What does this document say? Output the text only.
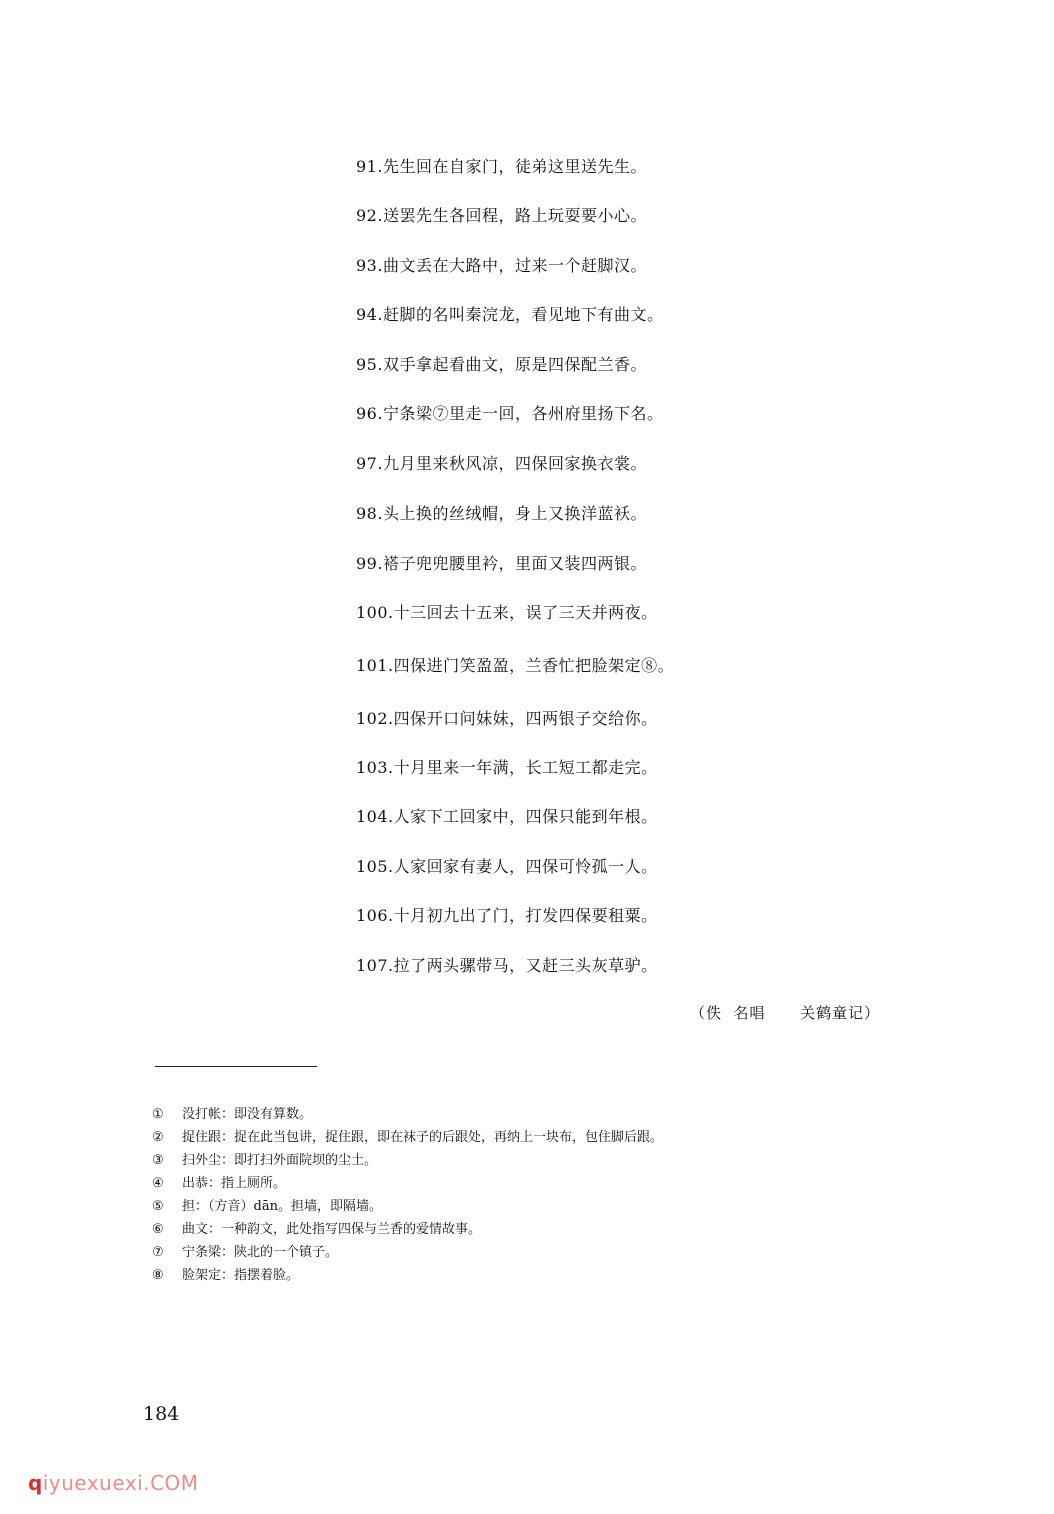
91.先生回在自家门，徒弟这里送先生。
92.送罢先生各回程，路上玩耍要小心。
93.曲文丢在大路中，过来一个赶脚汉。
94.赶脚的名叫秦浣龙，看见地下有曲文。
95.双手拿起看曲文，原是四保配兰香。
96.宁条梁⑦里走一回，各州府里扬下名。
97.九月里来秋风凉，四保回家换衣裳。
98.头上换的丝绒帽，身上又换洋蓝袄。
99.褡子兜兜腰里衿，里面又装四两银。
100.十三回去十五来，误了三天并两夜。
101.四保进门笑盈盈，兰香忙把脸架定⑧。
102.四保开口问妹妹，四两银子交给你。
103.十月里来一年满，长工短工都走完。
104.人家下工回家中，四保只能到年根。
105.人家回家有妻人，四保可怜孤一人。
106.十月初九出了门，打发四保要租粟。
107.拉了两头骡带马，又赶三头灰草驴。
（佚  名唱      关鹤童记）
① 没打帐：即没有算数。
② 捉住跟：捉在此当包讲，捉住跟，即在袜子的后跟处，再纳上一块布，包住脚后跟。
③ 扫外尘：即打扫外面院坝的尘土。
④ 出恭：指上厕所。
⑤ 担：（方音）dān。担墙，即隔墙。
⑥ 曲文：一种韵文，此处指写四保与兰香的爱情故事。
⑦ 宁条梁：陕北的一个镇子。
⑧ 脸架定：指摆着脸。
184
qiyuexuexi.COM
